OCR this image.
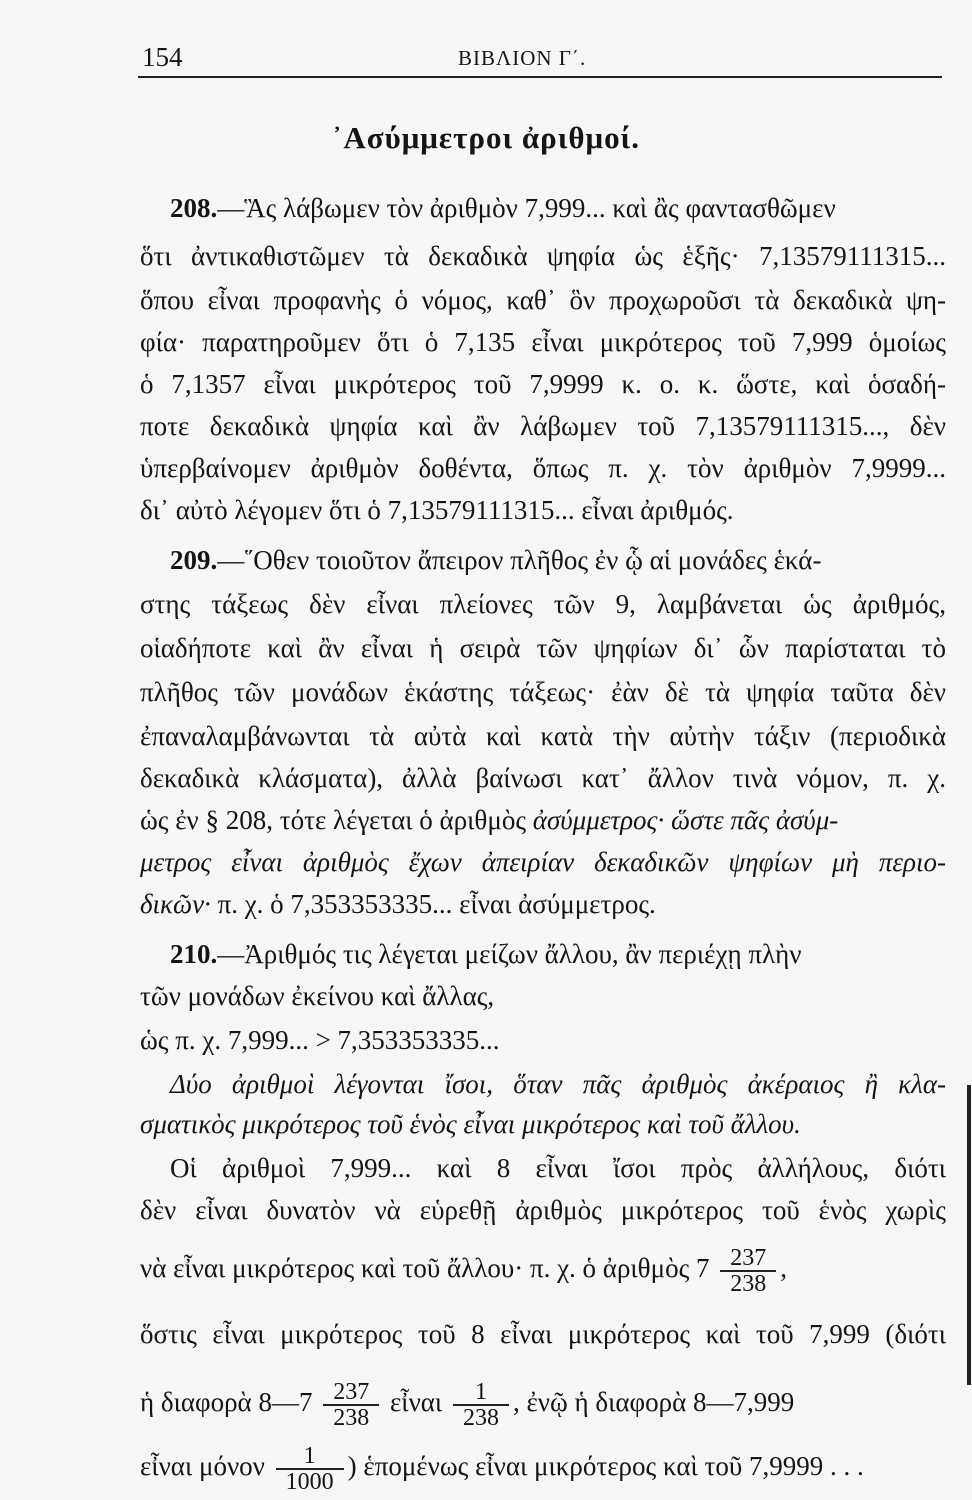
154	ΒΙΒΛΙΟΝ Γ΄.
᾽Ασύμμετροι ἀριθμοί.
208.—Ἃς λάβωμεν τὸν ἀριθμὸν 7,999... καὶ ἂς φαντασθῶμεν
ὅτι ἀντικαθιστῶμεν τὰ δεκαδικὰ ψηφία ὡς ἑξῆς· 7,13579111315...
ὅπου εἶναι προφανὴς ὁ νόμος, καθ᾽ ὃν προχωροῦσι τὰ δεκαδικὰ ψη-
φία· παρατηροῦμεν ὅτι ὁ 7,135 εἶναι μικρότερος τοῦ 7,999 ὁμοίως
ὁ 7,1357 εἶναι μικρότερος τοῦ 7,9999 κ. ο. κ. ὥστε, καὶ ὁσαδή-
ποτε δεκαδικὰ ψηφία καὶ ἂν λάβωμεν τοῦ 7,13579111315..., δὲν
ὑπερβαίνομεν ἀριθμὸν δοθέντα, ὅπως π. χ. τὸν ἀριθμὸν 7,9999...
δι᾽ αὐτὸ λέγομεν ὅτι ὁ 7,13579111315... εἶναι ἀριθμός.
209.—῞Οθεν τοιοῦτον ἄπειρον πλῆθος ἐν ᾧ αἱ μονάδες ἑκά-
στης τάξεως δὲν εἶναι πλείονες τῶν 9, λαμβάνεται ὡς ἀριθμός,
οἱαδήποτε καὶ ἂν εἶναι ἡ σειρὰ τῶν ψηφίων δι᾽ ὧν παρίσταται τὸ
πλῆθος τῶν μονάδων ἑκάστης τάξεως· ἐὰν δὲ τὰ ψηφία ταῦτα δὲν
ἐπαναλαμβάνωνται τὰ αὐτὰ καὶ κατὰ τὴν αὐτὴν τάξιν (περιοδικὰ
δεκαδικὰ κλάσματα), ἀλλὰ βαίνωσι κατ᾽ ἄλλον τινὰ νόμον, π. χ.
ὡς ἐν § 208, τότε λέγεται ὁ ἀριθμὸς ἀσύμμετρος· ὥστε πᾶς ἀσύμ-
μετρος εἶναι ἀριθμὸς ἔχων ἀπειρίαν δεκαδικῶν ψηφίων μὴ περιο-
δικῶν· π. χ. ὁ 7,353353335... εἶναι ἀσύμμετρος.
210.—Ἀριθμός τις λέγεται μείζων ἄλλου, ἂν περιέχῃ πλὴν
τῶν μονάδων ἐκείνου καὶ ἄλλας,
ὡς π. χ. 7,999... > 7,353353335...
Δύο ἀριθμοὶ λέγονται ἴσοι, ὅταν πᾶς ἀριθμὸς ἀκέραιος ἢ κλα-
σματικὸς μικρότερος τοῦ ἑνὸς εἶναι μικρότερος καὶ τοῦ ἄλλου.
Οἱ ἀριθμοὶ 7,999... καὶ 8 εἶναι ἴσοι πρὸς ἀλλήλους, διότι
δὲν εἶναι δυνατὸν νὰ εὑρεθῇ ἀριθμὸς μικρότερος τοῦ ἑνὸς χωρὶς
νὰ εἶναι μικρότερος καὶ τοῦ ἄλλου· π. χ. ὁ ἀριθμὸς $7 \frac{237}{238}$ ,
ὅστις εἶναι μικρότερος τοῦ 8 εἶναι μικρότερος καὶ τοῦ 7,999 (διότι
ἡ διαφορὰ 8—7 $\frac{237}{238}$ εἶναι $\frac{1}{238}$ , ἐνῷ ἡ διαφορὰ 8—7,999
εἶναι μόνον $\frac{1}{1000}$ ) ἑπομένως εἶναι μικρότερος καὶ τοῦ 7,9999 . . .
